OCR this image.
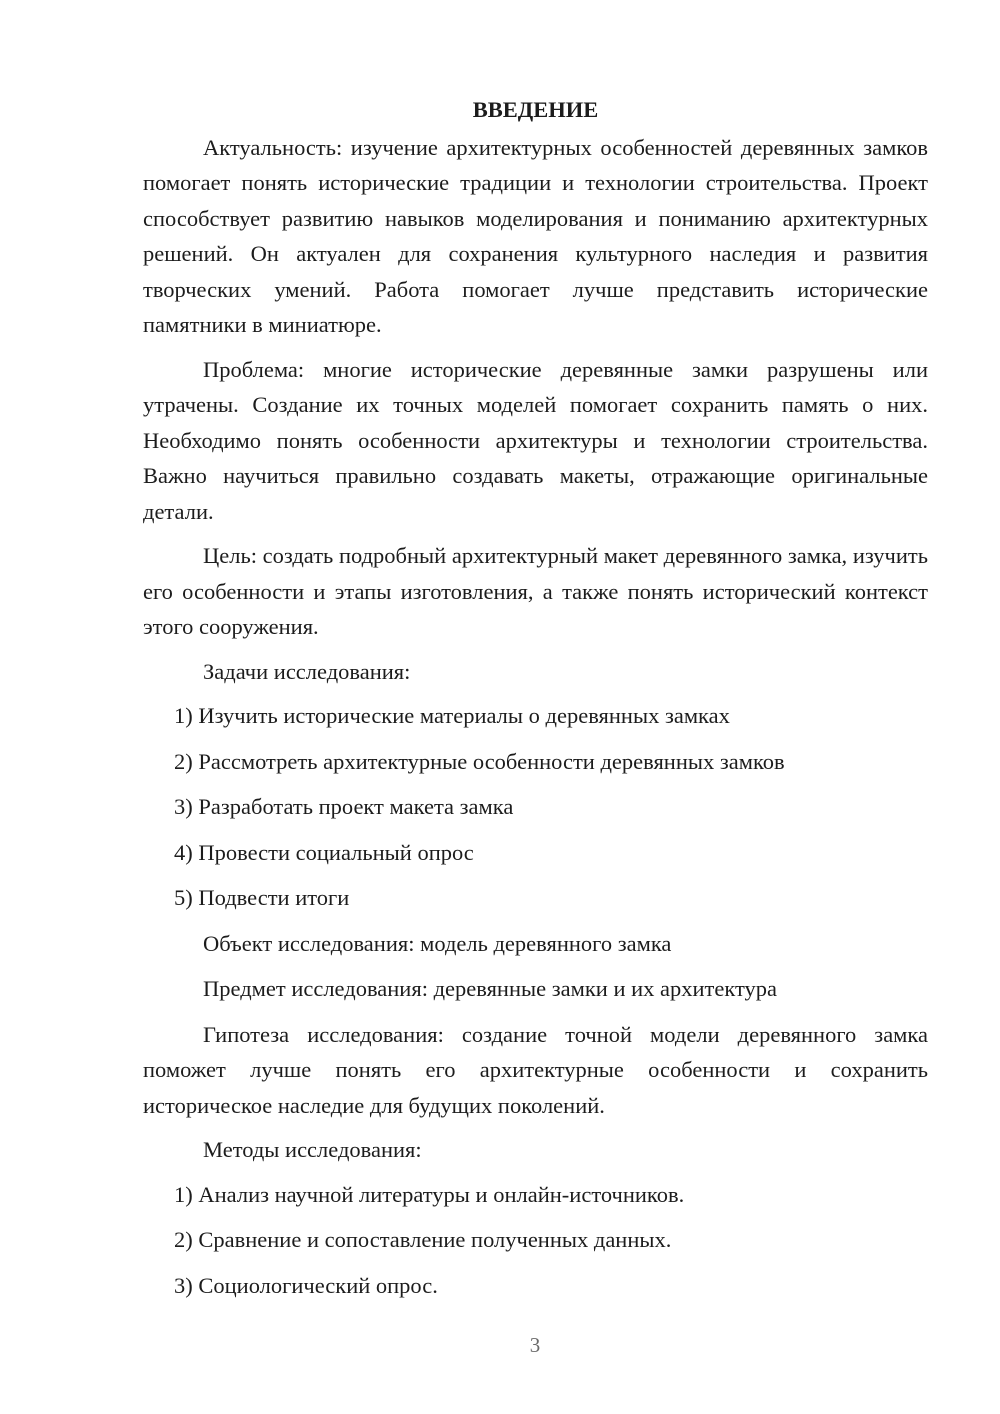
ВВЕДЕНИЕ

Актуальность: изучение архитектурных особенностей деревянных замков помогает понять исторические традиции и технологии строительства. Проект способствует развитию навыков моделирования и пониманию архитектурных решений. Он актуален для сохранения культурного наследия и развития творческих умений. Работа помогает лучше представить исторические памятники в миниатюре.

Проблема: многие исторические деревянные замки разрушены или утрачены. Создание их точных моделей помогает сохранить память о них. Необходимо понять особенности архитектуры и технологии строительства. Важно научиться правильно создавать макеты, отражающие оригинальные детали.

Цель: создать подробный архитектурный макет деревянного замка, изучить его особенности и этапы изготовления, а также понять исторический контекст этого сооружения.

Задачи исследования:
1) Изучить исторические материалы о деревянных замках
2) Рассмотреть архитектурные особенности деревянных замков
3) Разработать проект макета замка
4) Провести социальный опрос
5) Подвести итоги
Объект исследования: модель деревянного замка
Предмет исследования: деревянные замки и их архитектура

Гипотеза исследования: создание точной модели деревянного замка поможет лучше понять его архитектурные особенности и сохранить историческое наследие для будущих поколений.

Методы исследования:
1) Анализ научной литературы и онлайн-источников.
2) Сравнение и сопоставление полученных данных.
3) Социологический опрос.
3
